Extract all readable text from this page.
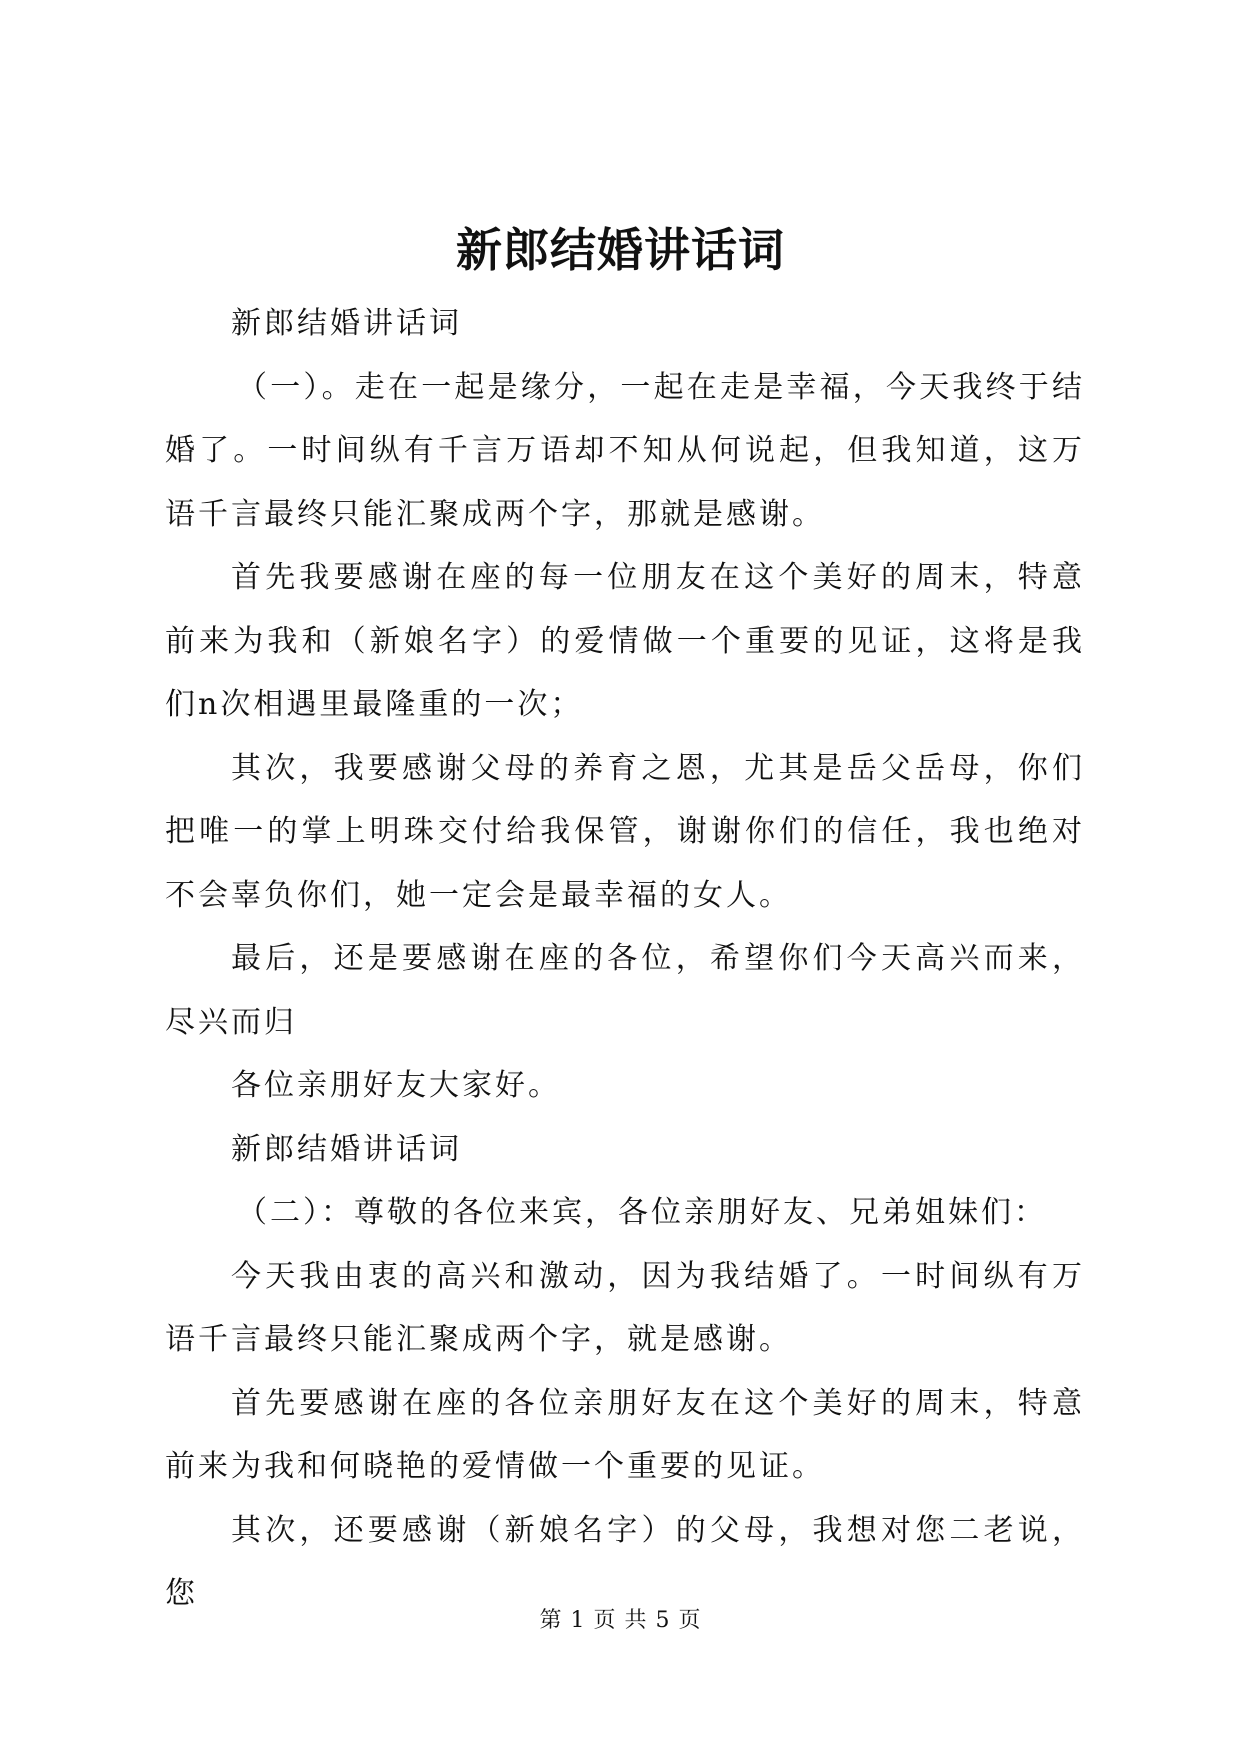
新郎结婚讲话词

新郎结婚讲话词

（一）。走在一起是缘分，一起在走是幸福，今天我终于结婚了。一时间纵有千言万语却不知从何说起，但我知道，这万语千言最终只能汇聚成两个字，那就是感谢。

首先我要感谢在座的每一位朋友在这个美好的周末，特意前来为我和（新娘名字）的爱情做一个重要的见证，这将是我们n次相遇里最隆重的一次；

其次，我要感谢父母的养育之恩，尤其是岳父岳母，你们把唯一的掌上明珠交付给我保管，谢谢你们的信任，我也绝对不会辜负你们，她一定会是最幸福的女人。

最后，还是要感谢在座的各位，希望你们今天高兴而来，尽兴而归

各位亲朋好友大家好。

新郎结婚讲话词

（二）：尊敬的各位来宾，各位亲朋好友、兄弟姐妹们：

今天我由衷的高兴和激动，因为我结婚了。一时间纵有万语千言最终只能汇聚成两个字，就是感谢。

首先要感谢在座的各位亲朋好友在这个美好的周末，特意前来为我和何晓艳的爱情做一个重要的见证。

其次，还要感谢（新娘名字）的父母，我想对您二老说，您

第 1 页 共 5 页
